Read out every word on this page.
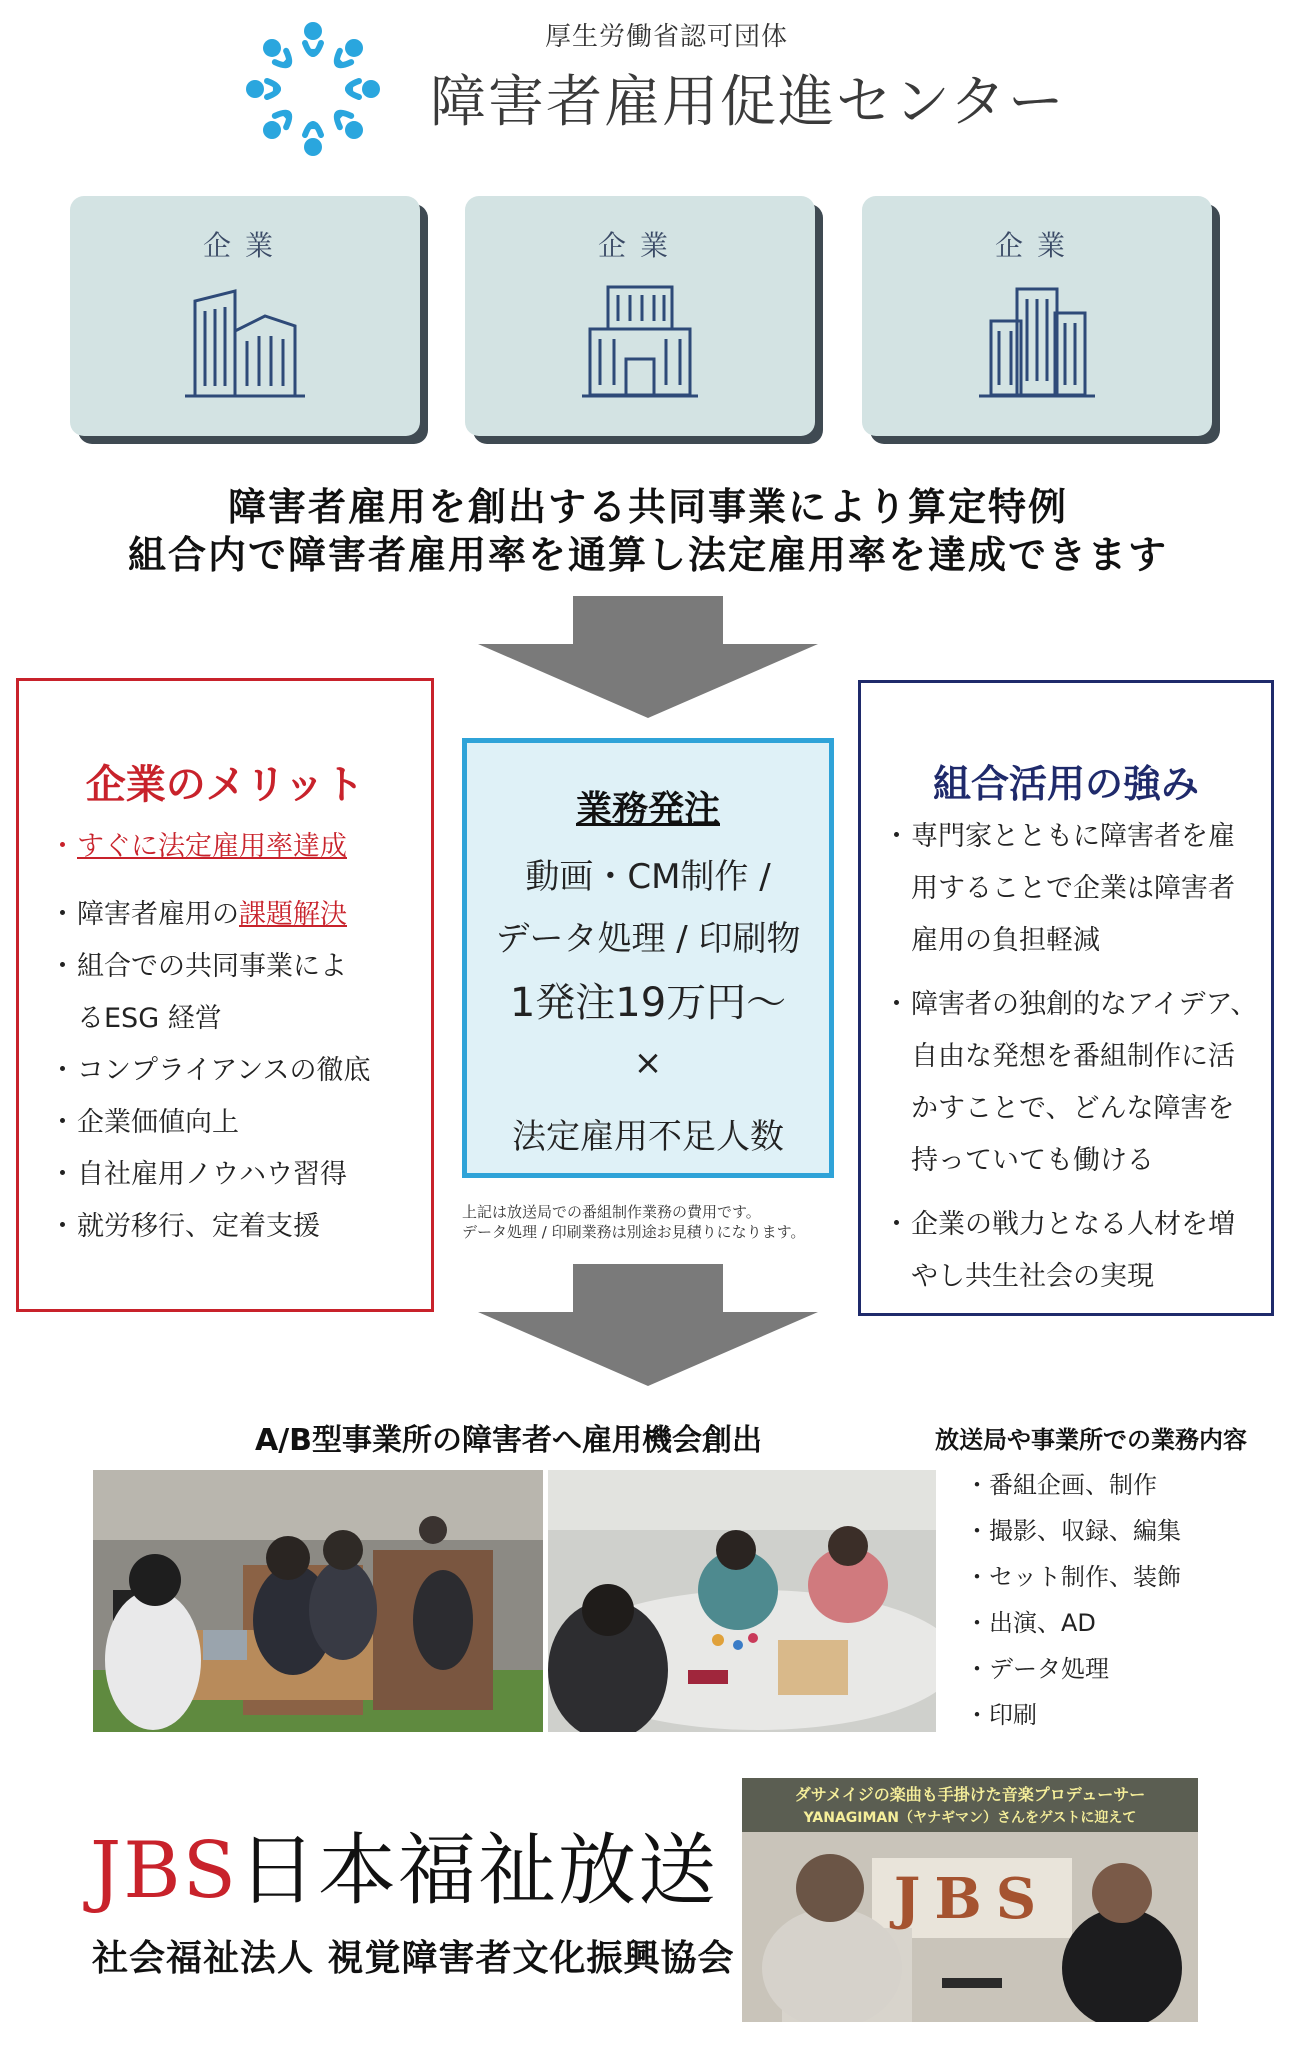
厚生労働省認可団体
障害者雇用促進センター
企業	企業	企業
障害者雇用を創出する共同事業により算定特例
組合内で障害者雇用率を通算し法定雇用率を達成できます
企業のメリット
・ すぐに法定雇用率達成
・ 障害者雇用の課題解決
・ 組合での共同事業によ
るESG 経営
・ コンプライアンスの徹底
・ 企業価値向上
・ 自社雇用ノウハウ習得
・ 就労移行、定着支援
業務発注
動画・CM制作 /
データ処理 / 印刷物
1発注19万円～
×
法定雇用不足人数
上記は放送局での番組制作業務の費用です。
データ処理 / 印刷業務は別途お見積りになります。
組合活用の強み
・ 専門家とともに障害者を雇用することで企業は障害者雇用の負担軽減
・ 障害者の独創的なアイデア、自由な発想を番組制作に活かすことで、どんな障害を持っていても働ける
・ 企業の戦力となる人材を増やし共生社会の実現
A/B型事業所の障害者へ雇用機会創出	放送局や事業所での業務内容
・ 番組企画、制作
・ 撮影、収録、編集
・ セット制作、装飾
・ 出演、AD
・ データ処理
・ 印刷
JBS日本福祉放送
社会福祉法人 視覚障害者文化振興協会
ダサメイジの楽曲も手掛けた音楽プロデューサー
YANAGIMAN（ヤナギマン）さんをゲストに迎えて
JBS
